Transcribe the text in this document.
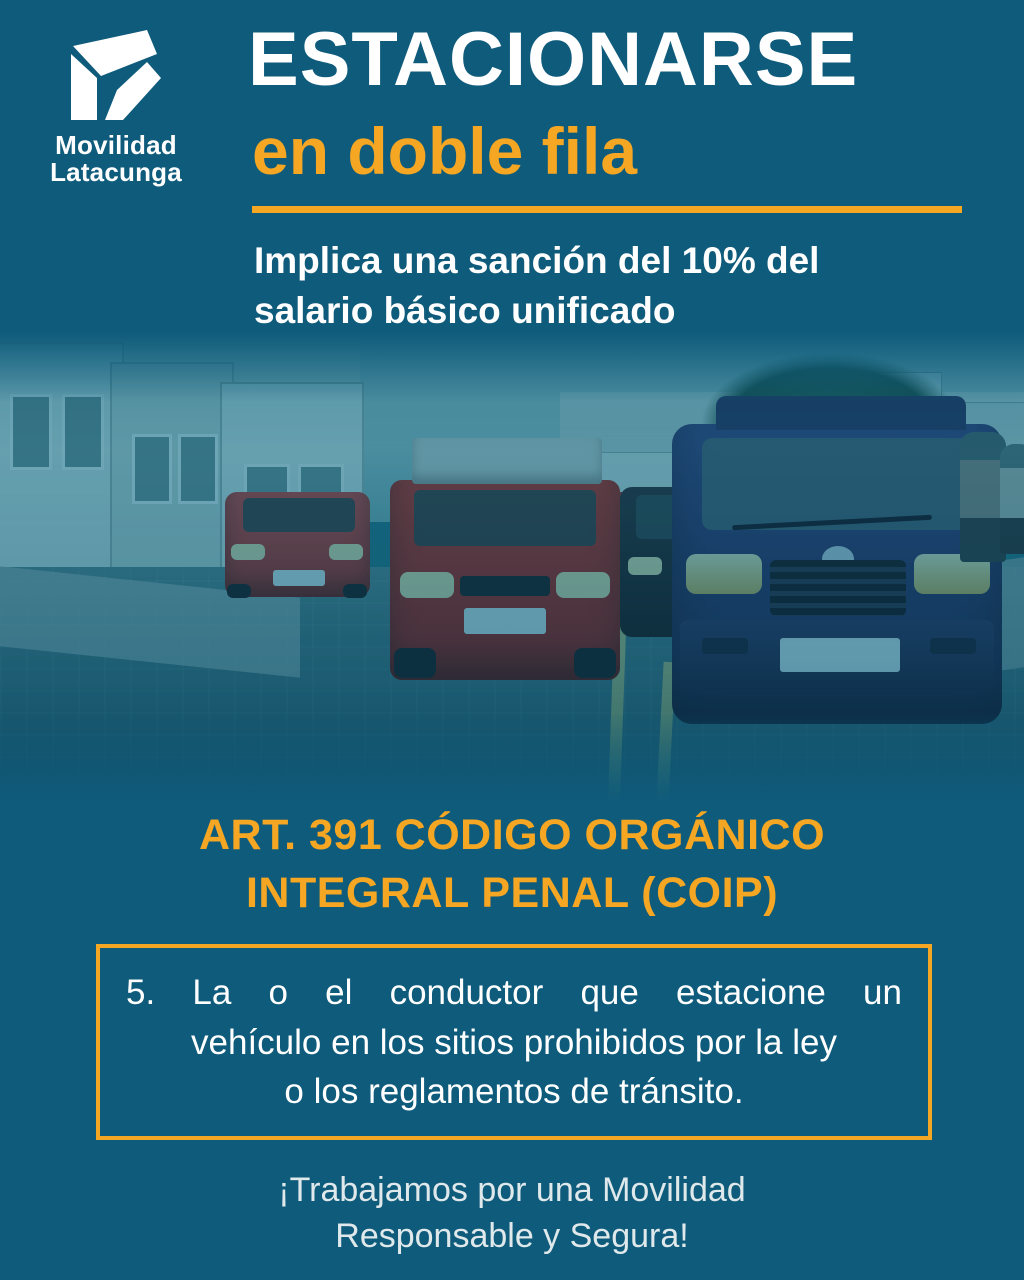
Movilidad
Latacunga
ESTACIONARSE
en doble fila
Implica una sanción del 10% del
salario básico unificado
ART. 391 CÓDIGO ORGÁNICO
INTEGRAL PENAL (COIP)
5. La o el conductor que estacione un
vehículo en los sitios prohibidos por la ley
o los reglamentos de tránsito.
¡Trabajamos por una Movilidad
Responsable y Segura!
